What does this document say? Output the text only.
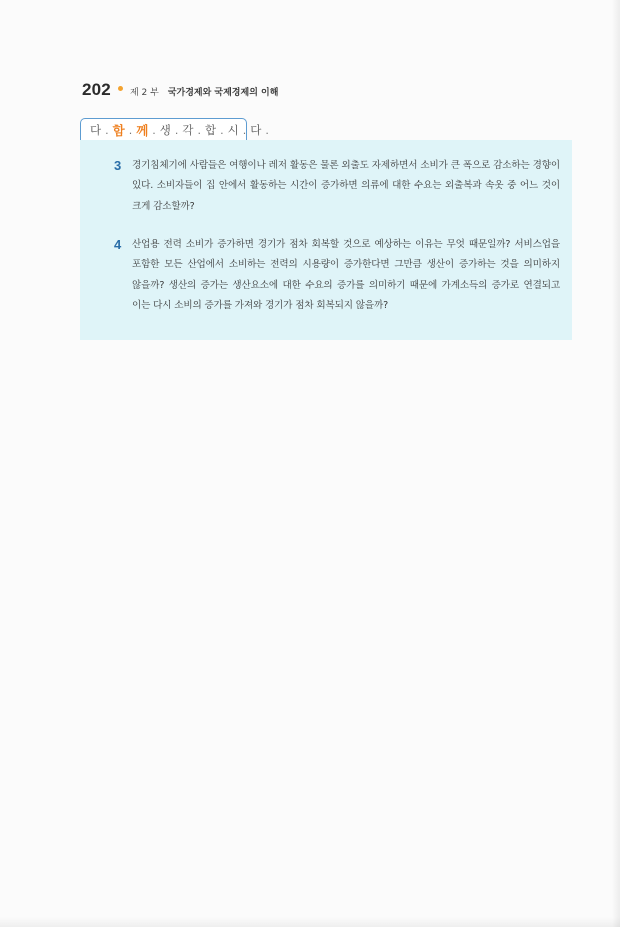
202 제 2 부 국가경제와 국제경제의 이해
다 . 함 . 께 . 생 . 각 . 합 . 시 . 다 .
3	경기침체기에 사람들은 여행이나 레저 활동은 물론 외출도 자제하면서 소비가 큰 폭으로 감소하는 경향이 있다. 소비자들이 집 안에서 활동하는 시간이 증가하면 의류에 대한 수요는 외출복과 속옷 중 어느 것이 크게 감소할까?
4	산업용 전력 소비가 증가하면 경기가 점차 회복할 것으로 예상하는 이유는 무엇 때문일까? 서비스업을 포함한 모든 산업에서 소비하는 전력의 시용량이 증가한다면 그만큼 생산이 증가하는 것을 의미하지 않을까? 생산의 증가는 생산요소에 대한 수요의 증가를 의미하기 때문에 가계소득의 증가로 연결되고 이는 다시 소비의 증가를 가져와 경기가 점차 회복되지 않을까?
